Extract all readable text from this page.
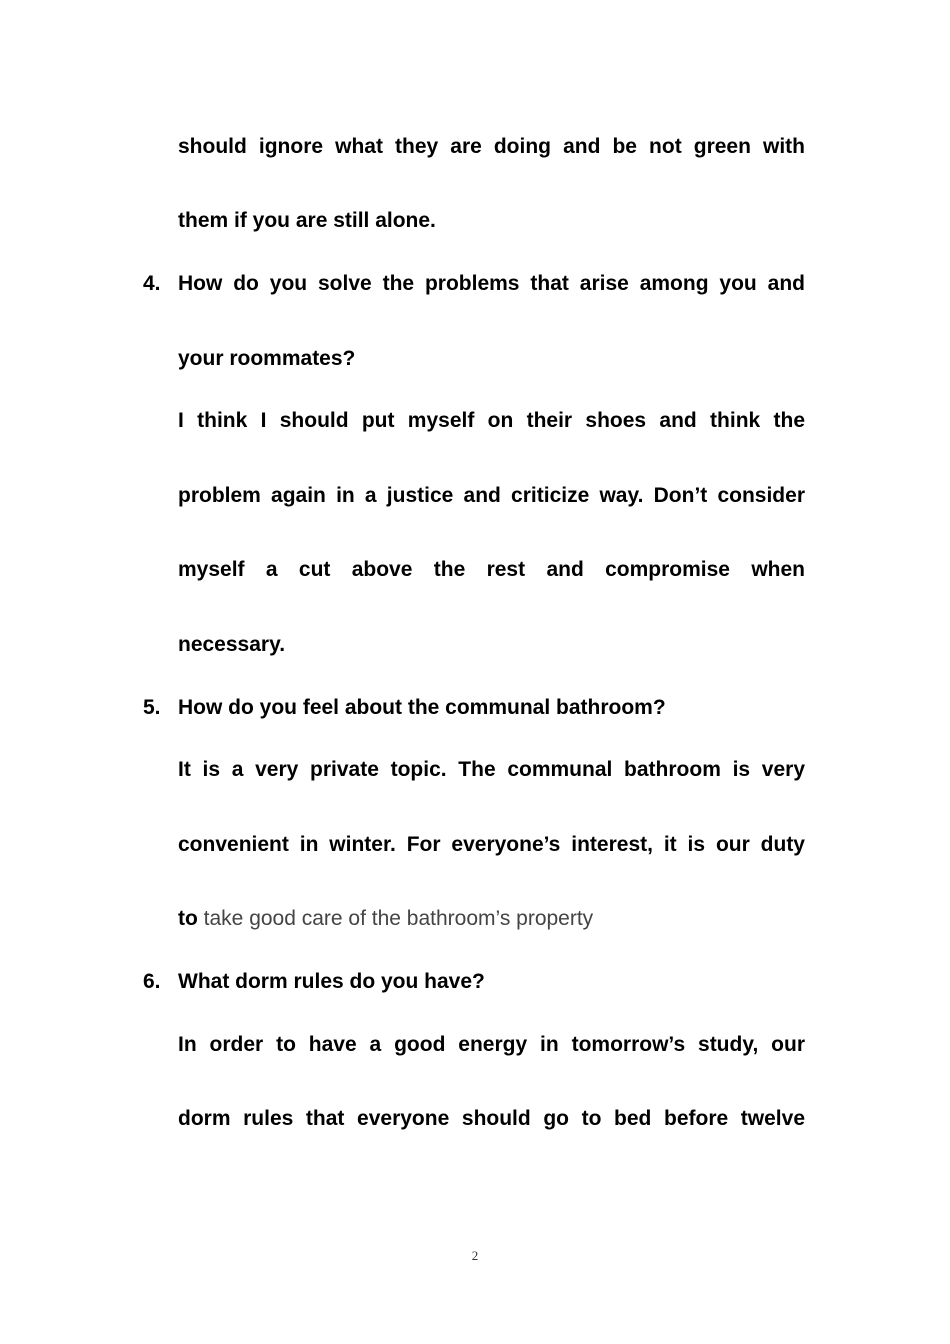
should ignore what they are doing and be not green with
them if you are still alone.
4. How do you solve the problems that arise among you and
your roommates?
I think I should put myself on their shoes and think the
problem again in a justice and criticize way. Don’t consider
myself a cut above the rest and compromise when
necessary.
5. How do you feel about the communal bathroom?
It is a very private topic. The communal bathroom is very
convenient in winter. For everyone’s interest, it is our duty
to take good care of the bathroom’s property
6. What dorm rules do you have?
In order to have a good energy in tomorrow’s study, our
dorm rules that everyone should go to bed before twelve
2
